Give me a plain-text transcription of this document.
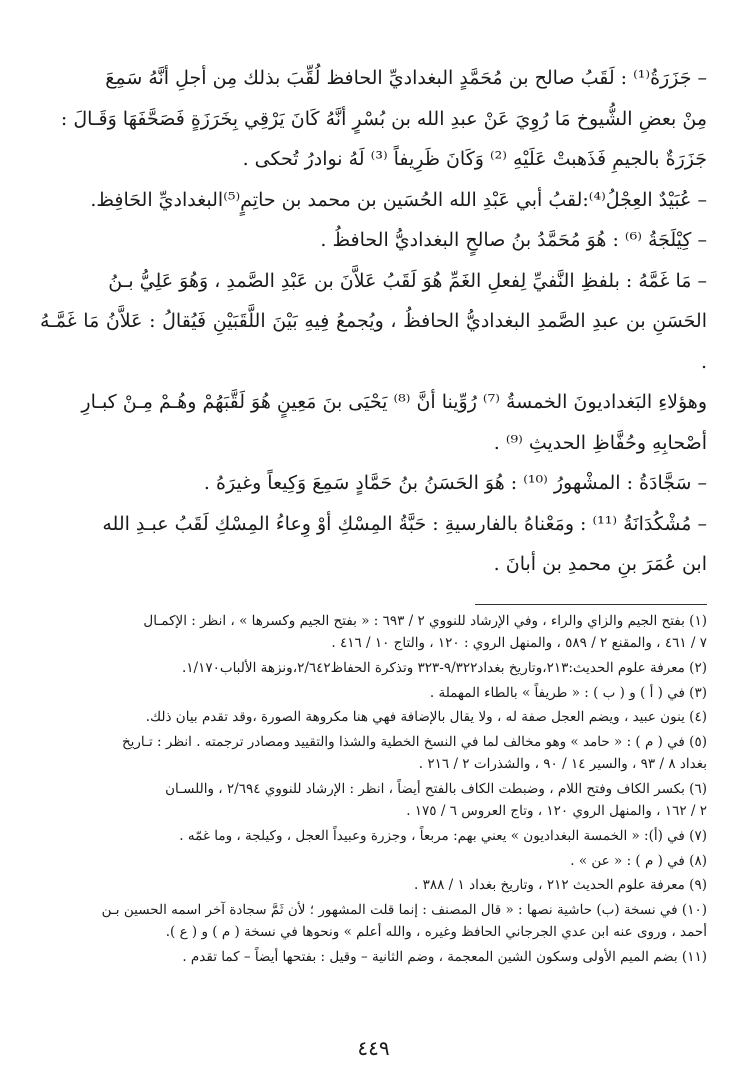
– جَزَرَةُ⁽¹⁾ : لَقَبُ صالح بن مُحَمَّدٍ البغداديِّ الحافظ لُقِّبَ بذلك مِن أجلِ أنَّهُ سَمِعَ
مِنْ بعضِ الشُّيوخ مَا رُوِيَ عَنْ عبدِ الله بن بُسْرٍ أنَّهُ كَانَ يَرْقِي بِخَرَزَةٍ فَصَحَّفَهَا وَقَـالَ :
جَزَرَةٌ بالجيمِ فَذَهبتْ عَلَيْهِ ⁽²⁾ وَكَانَ ظَرِيفاً ⁽³⁾ لَهُ نوادرُ تُحكى .

– عُبَيْدٌ العِجْلُ⁽⁴⁾:لقبُ أبي عَبْدِ الله الحُسَين بن محمد بن حاتِمٍ⁽⁵⁾البغداديِّ الحَافِظ.

– كِيْلَجَةُ ⁽⁶⁾ : هُوَ مُحَمَّدُ بنُ صالحٍ البغداديُّ الحافظُ .

– مَا غَمَّهُ : بلفظِ النَّفيِّ لِفعلِ الغَمِّ هُوَ لَقَبُ عَلاَّنَ بن عَبْدِ الصَّمدِ ، وَهُوَ عَلِيُّ بـنُ
الحَسَنِ بن عبدِ الصَّمدِ البغداديُّ الحافظُ ، ويُجمعُ فِيهِ بَيْنَ اللَّقَبَيْنِ فَيُقالُ : عَلاَّنُ مَا غَمَّـهُ .
وهؤلاءِ البَغداديونَ الخمسةُ ⁽⁷⁾ رُوِّينا أنَّ ⁽⁸⁾ يَحْيَى بنَ مَعِينٍ هُوَ لَقَّبَهُمْ وهُـمْ مِـنْ كبـارِ
أصْحابِهِ وحُفَّاظِ الحديثِ ⁽⁹⁾ .

– سَجَّادَةُ : المشْهورُ ⁽¹⁰⁾ : هُوَ الحَسَنُ بنُ حَمَّادٍ سَمِعَ وَكِيعاً وغيرَهُ .

– مُشْكُدَانَةُ ⁽¹¹⁾ : ومَعْناهُ بالفارسيةِ : حَبَّةُ المِسْكِ أوْ وِعاءُ المِسْكِ لَقَبُ عبـدِ الله
ابن عُمَرَ بنِ محمدِ بن أبانَ .

(١) بفتح الجيم والزاي والراء ، وفي الإرشاد للنووي ٢ / ٦٩٣ : « بفتح الجيم وكسرها » ، انظر : الإكمـال
٧ / ٤٦١ ، والمقنع ٢ / ٥٨٩ ، والمنهل الروي : ١٢٠ ، والتاج ١٠ / ٤١٦ .

(٢) معرفة علوم الحديث:٢١٣،وتاريخ بغداد٩/٣٢٢-٣٢٣ وتذكرة الحفاظ٢/٦٤٢،ونزهة الألباب١/١٧٠.

(٣) في ( أ ) و ( ب ) : « طريفاً » بالطاء المهملة .

(٤) ينون عبيد ، ويضم العجل صفة له ، ولا يقال بالإضافة فهي هنا مكروهة الصورة ،وقد تقدم بيان ذلك.

(٥) في ( م ) : « حامد » وهو مخالف لما في النسخ الخطية والشذا والتقييد ومصادر ترجمته . انظر : تـاريخ
بغداد ٨ / ٩٣ ، والسير ١٤ / ٩٠ ، والشذرات ٢ / ٢١٦ .

(٦) بكسر الكاف وفتح اللام ، وضبطت الكاف بالفتح أيضاً ، انظر : الإرشاد للنووي ٢/٦٩٤ ، واللسـان
٢ / ١٦٢ ، والمنهل الروي ١٢٠ ، وتاج العروس ٦ / ١٧٥ .

(٧) في (أ): « الخمسة البغداديون » يعني بهم: مربعاً ، وجزرة وعبيداً العجل ، وكيلجة ، وما غمّه .

(٨) في ( م ) : « عن » .

(٩) معرفة علوم الحديث ٢١٢ ، وتاريخ بغداد ١ / ٣٨٨ .

(١٠) في نسخة (ب) حاشية نصها : « قال المصنف : إنما قلت المشهور ؛ لأن ثَمَّ سجادة آخر اسمه الحسين بـن
أحمد ، وروى عنه ابن عدي الجرجاني الحافظ وغيره ، والله أعلم » ونحوها في نسخة ( م ) و ( ع ).

(١١) بضم الميم الأولى وسكون الشين المعجمة ، وضم الثانية – وقيل : بفتحها أيضاً – كما تقدم .

٤٤٩
